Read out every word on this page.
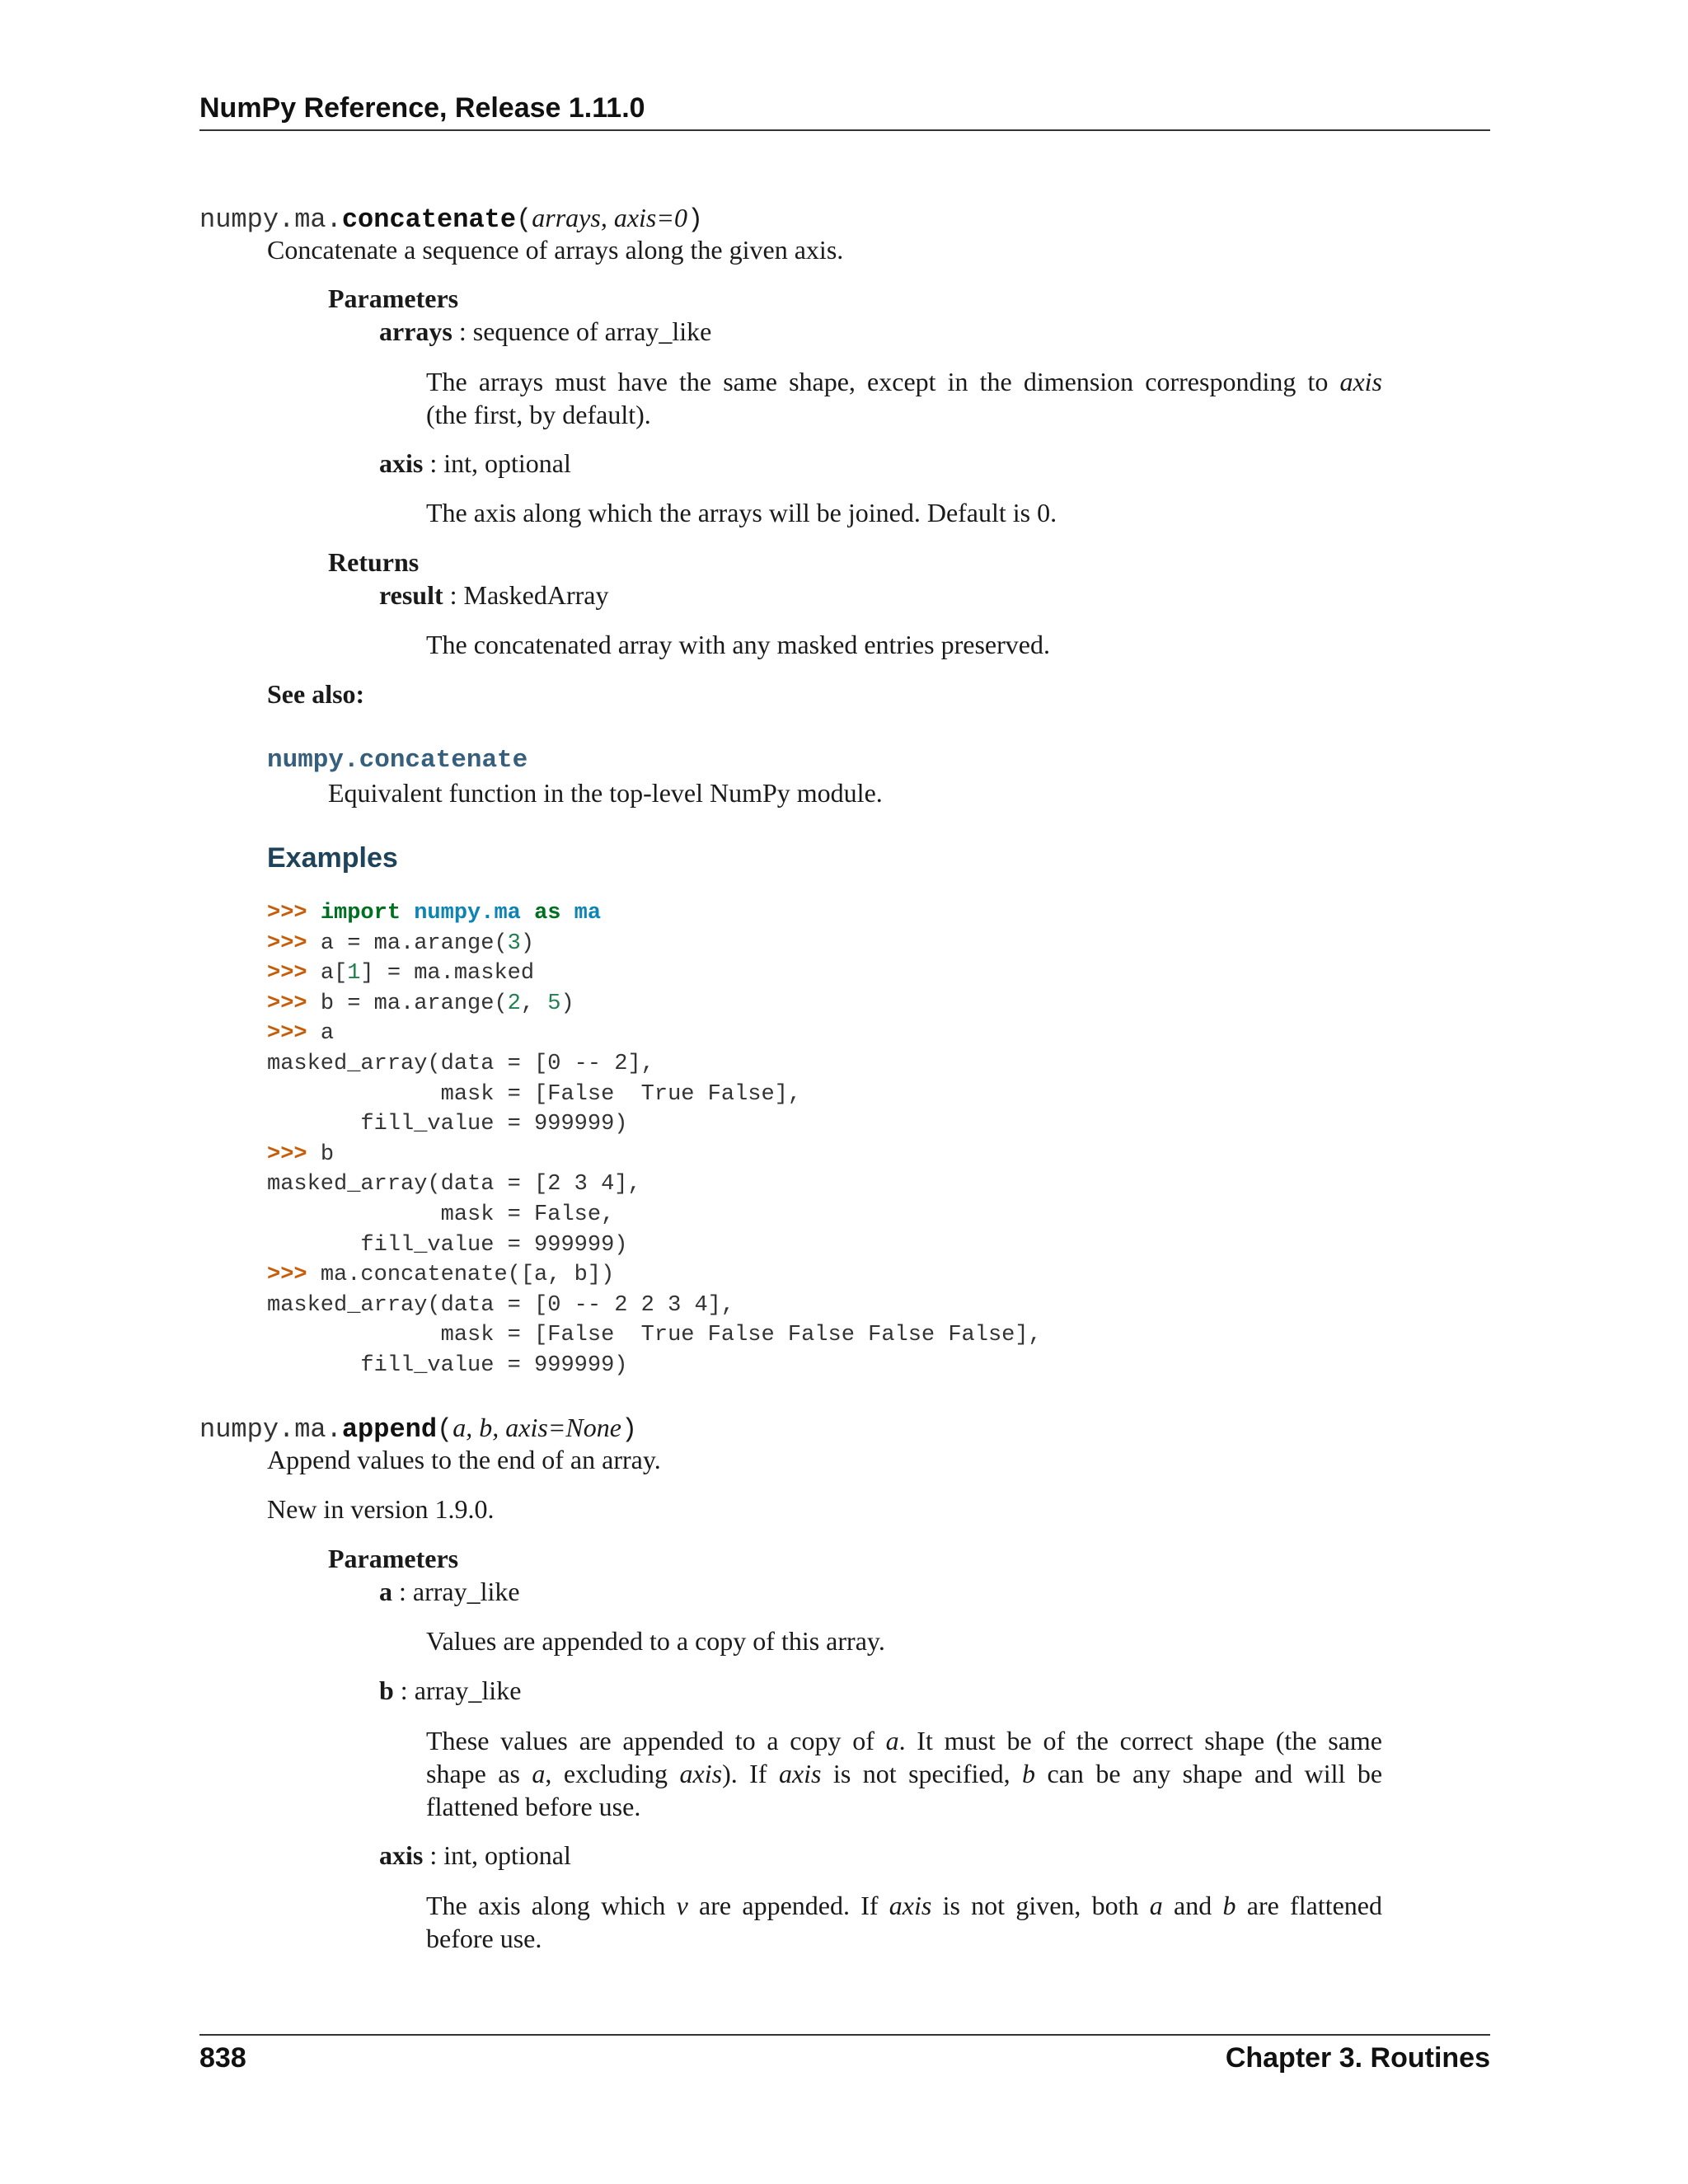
NumPy Reference, Release 1.11.0
numpy.ma.concatenate(arrays, axis=0)
Concatenate a sequence of arrays along the given axis.
Parameters
arrays : sequence of array_like
The arrays must have the same shape, except in the dimension corresponding to axis
(the first, by default).
axis : int, optional
The axis along which the arrays will be joined. Default is 0.
Returns
result : MaskedArray
The concatenated array with any masked entries preserved.
See also:
numpy.concatenate
Equivalent function in the top-level NumPy module.
Examples
>>> import numpy.ma as ma
>>> a = ma.arange(3)
>>> a[1] = ma.masked
>>> b = ma.arange(2, 5)
>>> a
masked_array(data = [0 -- 2],
mask = [False  True False],
fill_value = 999999)
>>> b
masked_array(data = [2 3 4],
mask = False,
fill_value = 999999)
>>> ma.concatenate([a, b])
masked_array(data = [0 -- 2 2 3 4],
mask = [False  True False False False False],
fill_value = 999999)
numpy.ma.append(a, b, axis=None)
Append values to the end of an array.
New in version 1.9.0.
Parameters
a : array_like
Values are appended to a copy of this array.
b : array_like
These values are appended to a copy of a. It must be of the correct shape (the same
shape as a, excluding axis). If axis is not specified, b can be any shape and will be
flattened before use.
axis : int, optional
The axis along which v are appended. If axis is not given, both a and b are flattened
before use.
838	Chapter 3. Routines
